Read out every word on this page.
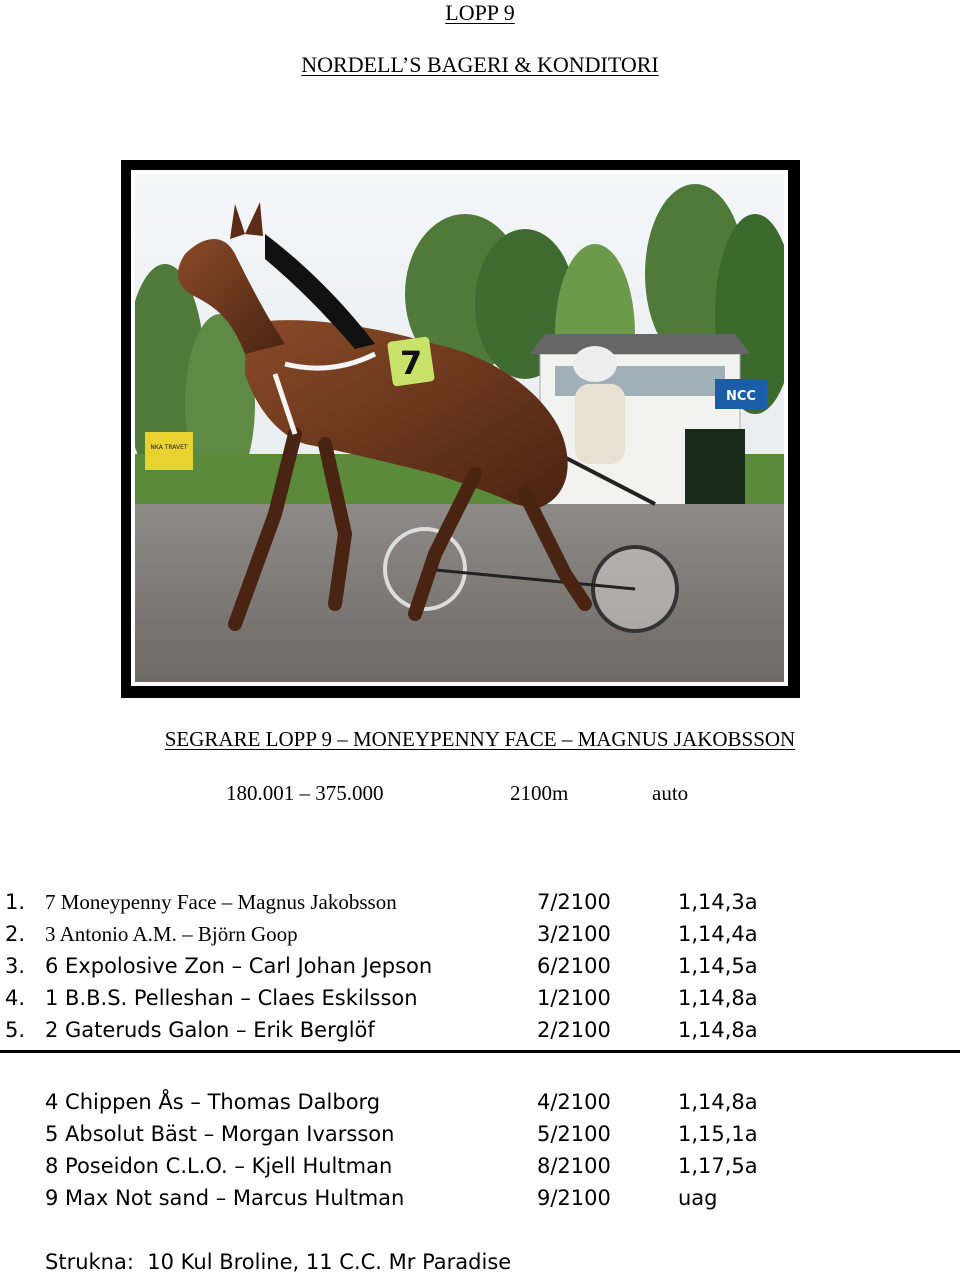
LOPP 9
NORDELL’S BAGERI & KONDITORI
NCC
NKA TRAVET
7
SEGRARE LOPP 9 – MONEYPENNY FACE – MAGNUS JAKOBSSON
180.001 – 375.000	2100m	auto
1. 7 Moneypenny Face – Magnus Jakobsson	7/2100	1,14,3a
2. 3 Antonio A.M. – Björn Goop	3/2100	1,14,4a
3. 6 Expolosive Zon – Carl Johan Jepson	6/2100	1,14,5a
4. 1 B.B.S. Pelleshan – Claes Eskilsson	1/2100	1,14,8a
5. 2 Gateruds Galon – Erik Berglöf	2/2100	1,14,8a
4 Chippen Ås – Thomas Dalborg	4/2100	1,14,8a
5 Absolut Bäst – Morgan Ivarsson	5/2100	1,15,1a
8 Poseidon C.L.O. – Kjell Hultman	8/2100	1,17,5a
9 Max Not sand – Marcus Hultman	9/2100	uag
Strukna:  10 Kul Broline, 11 C.C. Mr Paradise
